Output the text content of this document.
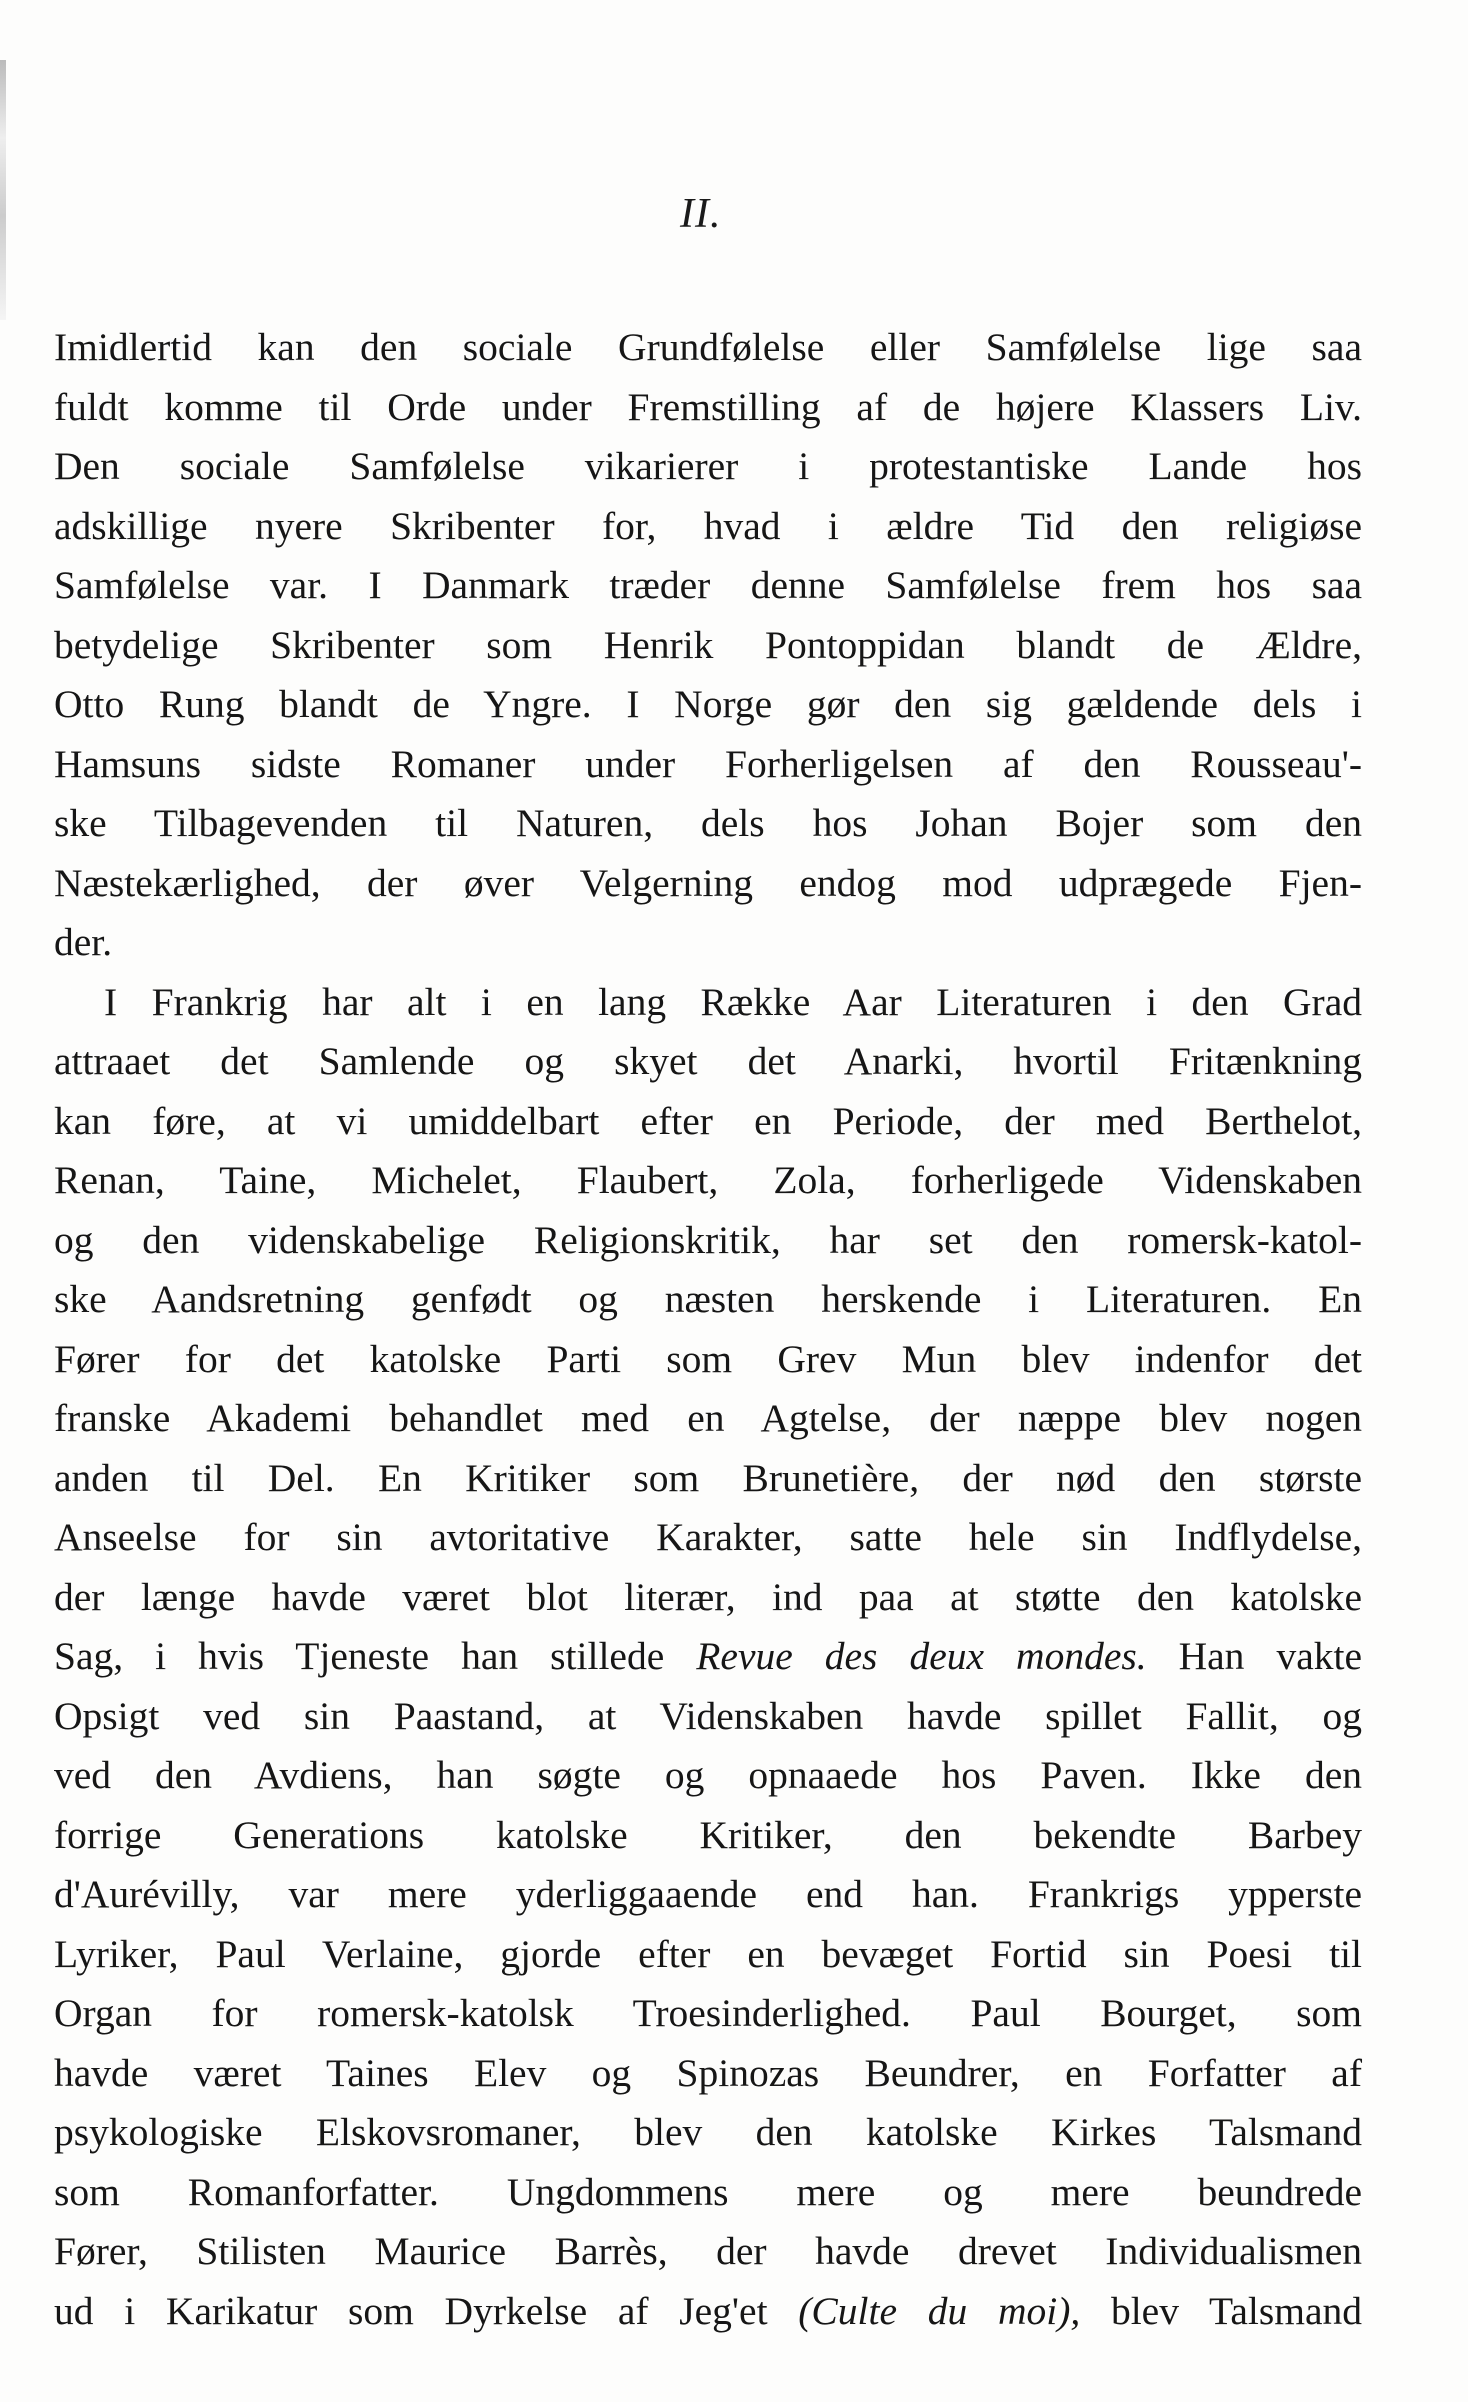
II.
Imidlertid kan den sociale Grundfølelse eller Samfølelse lige saa
fuldt komme til Orde under Fremstilling af de højere Klassers Liv.
Den sociale Samfølelse vikarierer i protestantiske Lande hos
adskillige nyere Skribenter for, hvad i ældre Tid den religiøse
Samfølelse var. I Danmark træder denne Samfølelse frem hos saa
betydelige Skribenter som Henrik Pontoppidan blandt de Ældre,
Otto Rung blandt de Yngre. I Norge gør den sig gældende dels i
Hamsuns sidste Romaner under Forherligelsen af den Rousseau'-
ske Tilbagevenden til Naturen, dels hos Johan Bojer som den
Næstekærlighed, der øver Velgerning endog mod udprægede Fjen-
der.
I Frankrig har alt i en lang Række Aar Literaturen i den Grad
attraaet det Samlende og skyet det Anarki, hvortil Fritænkning
kan føre, at vi umiddelbart efter en Periode, der med Berthelot,
Renan, Taine, Michelet, Flaubert, Zola, forherligede Videnskaben
og den videnskabelige Religionskritik, har set den romersk-katol-
ske Aandsretning genfødt og næsten herskende i Literaturen. En
Fører for det katolske Parti som Grev Mun blev indenfor det
franske Akademi behandlet med en Agtelse, der næppe blev nogen
anden til Del. En Kritiker som Brunetière, der nød den største
Anseelse for sin avtoritative Karakter, satte hele sin Indflydelse,
der længe havde været blot literær, ind paa at støtte den katolske
Sag, i hvis Tjeneste han stillede Revue des deux mondes. Han vakte
Opsigt ved sin Paastand, at Videnskaben havde spillet Fallit, og
ved den Avdiens, han søgte og opnaaede hos Paven. Ikke den
forrige Generations katolske Kritiker, den bekendte Barbey
d'Aurévilly, var mere yderliggaaende end han. Frankrigs ypperste
Lyriker, Paul Verlaine, gjorde efter en bevæget Fortid sin Poesi til
Organ for romersk-katolsk Troesinderlighed. Paul Bourget, som
havde været Taines Elev og Spinozas Beundrer, en Forfatter af
psykologiske Elskovsromaner, blev den katolske Kirkes Talsmand
som Romanforfatter. Ungdommens mere og mere beundrede
Fører, Stilisten Maurice Barrès, der havde drevet Individualismen
ud i Karikatur som Dyrkelse af Jeg'et (Culte du moi), blev Talsmand
